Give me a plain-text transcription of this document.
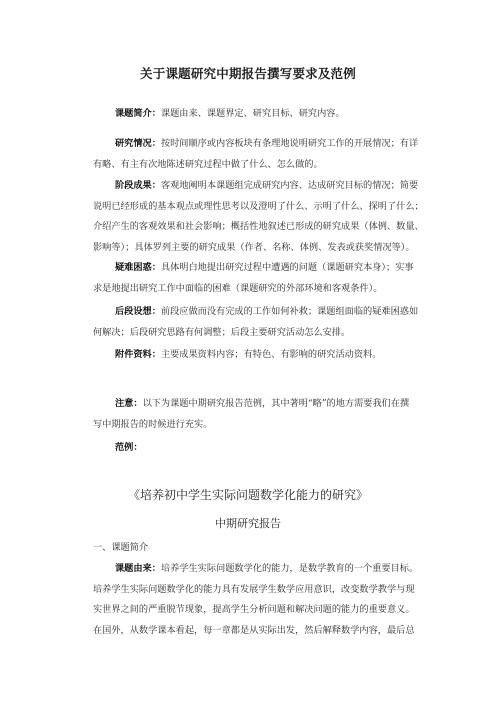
关于课题研究中期报告撰写要求及范例
课题简介：课题由来、课题界定、研究目标、研究内容。
研究情况：按时间顺序或内容板块有条理地说明研究工作的开展情况；有详
有略、有主有次地陈述研究过程中做了什么、怎么做的。
阶段成果：客观地阐明本课题组完成研究内容、达成研究目标的情况；简要
说明已经形成的基本观点或理性思考以及澄明了什么、示明了什么、探明了什么；
介绍产生的客观效果和社会影响；概括性地叙述已形成的研究成果（体例、数量、
影响等）；具体罗列主要的研究成果（作者、名称、体例、发表或获奖情况等）。
疑难困惑：具体明白地提出研究过程中遭遇的问题（课题研究本身）；实事
求是地提出研究工作中面临的困难（课题研究的外部环境和客观条件）。
后段设想：前段应做而没有完成的工作如何补救；课题组面临的疑难困惑如
何解决；后段研究思路有何调整；后段主要研究活动怎么安排。
附件资料：主要成果资料内容；有特色、有影响的研究活动资料。
注意：以下为课题中期研究报告范例，其中著明“略”的地方需要我们在撰
写中期报告的时候进行充实。
范例：
《培养初中学生实际问题数学化能力的研究》
中期研究报告
一、课题简介
课题由来：培养学生实际问题数学化的能力，是数学教育的一个重要目标。
培养学生实际问题数学化的能力具有发展学生数学应用意识，改变数学教学与现
实世界之间的严重脱节现象，提高学生分析问题和解决问题的能力的重要意义。
在国外，从数学课本看起，每一章都是从实际出发，然后解释数学内容，最后总
